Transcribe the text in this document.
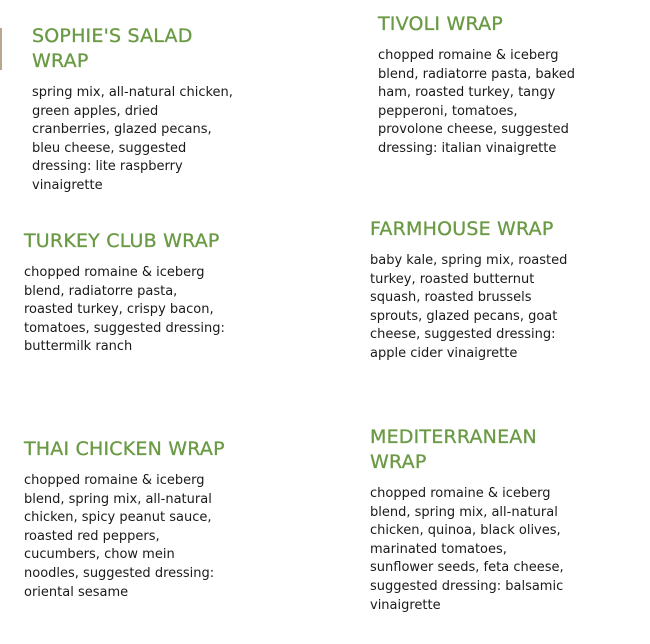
SOPHIE'S SALAD
WRAP

spring mix, all-natural chicken,
green apples, dried
cranberries, glazed pecans,
bleu cheese, suggested
dressing: lite raspberry
vinaigrette

TIVOLI WRAP

chopped romaine & iceberg
blend, radiatorre pasta, baked
ham, roasted turkey, tangy
pepperoni, tomatoes,
provolone cheese, suggested
dressing: italian vinaigrette

TURKEY CLUB WRAP

chopped romaine & iceberg
blend, radiatorre pasta,
roasted turkey, crispy bacon,
tomatoes, suggested dressing:
buttermilk ranch

FARMHOUSE WRAP

baby kale, spring mix, roasted
turkey, roasted butternut
squash, roasted brussels
sprouts, glazed pecans, goat
cheese, suggested dressing:
apple cider vinaigrette

THAI CHICKEN WRAP

chopped romaine & iceberg
blend, spring mix, all-natural
chicken, spicy peanut sauce,
roasted red peppers,
cucumbers, chow mein
noodles, suggested dressing:
oriental sesame

MEDITERRANEAN
WRAP

chopped romaine & iceberg
blend, spring mix, all-natural
chicken, quinoa, black olives,
marinated tomatoes,
sunflower seeds, feta cheese,
suggested dressing: balsamic
vinaigrette
